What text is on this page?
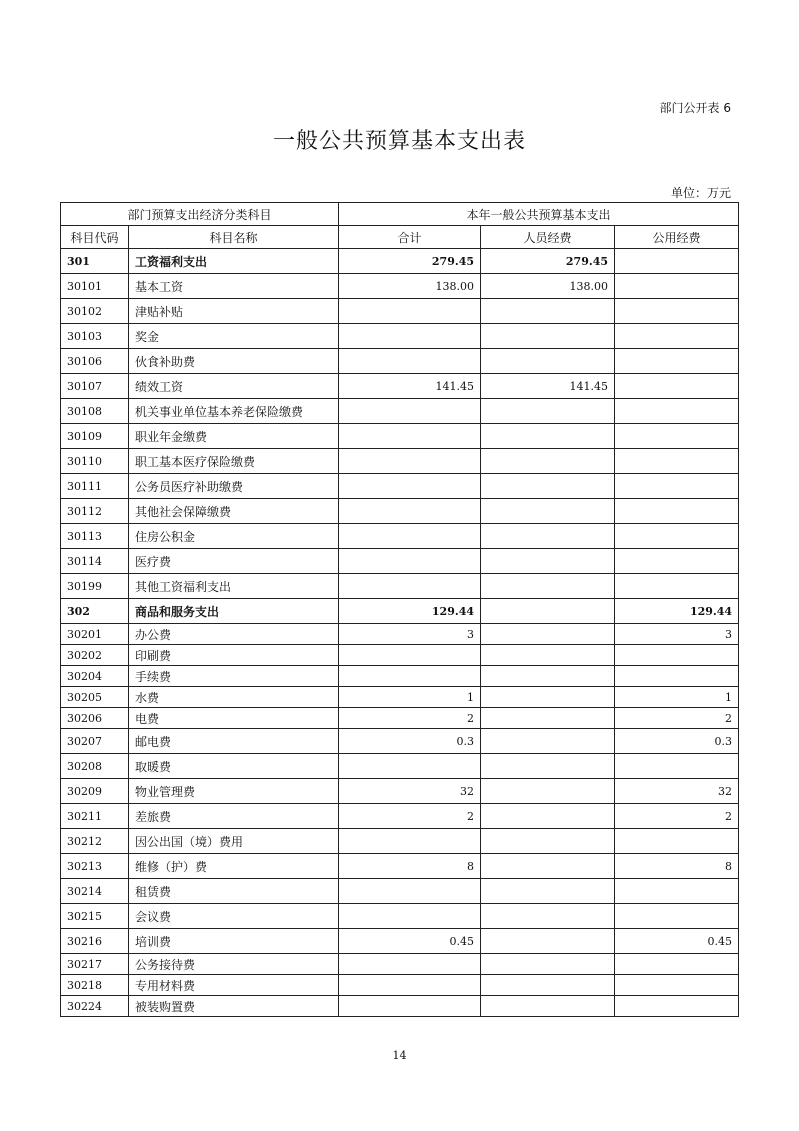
部门公开表 6
一般公共预算基本支出表
单位：万元
部门预算支出经济分类科目		本年一般公共预算基本支出		
科目代码	科目名称	合计	人员经费	公用经费
301	工资福利支出	279.45	279.45	
30101	基本工资	138.00	138.00	
30102	津贴补贴			
30103	奖金			
30106	伙食补助费			
30107	绩效工资	141.45	141.45	
30108	机关事业单位基本养老保险缴费			
30109	职业年金缴费			
30110	职工基本医疗保险缴费			
30111	公务员医疗补助缴费			
30112	其他社会保障缴费			
30113	住房公积金			
30114	医疗费			
30199	其他工资福利支出			
302	商品和服务支出	129.44		129.44
30201	办公费	3		3
30202	印刷费			
30204	手续费			
30205	水费	1		1
30206	电费	2		2
30207	邮电费	0.3		0.3
30208	取暖费			
30209	物业管理费	32		32
30211	差旅费	2		2
30212	因公出国（境）费用			
30213	维修（护）费	8		8
30214	租赁费			
30215	会议费			
30216	培训费	0.45		0.45
30217	公务接待费			
30218	专用材料费			
30224	被装购置费			
14
